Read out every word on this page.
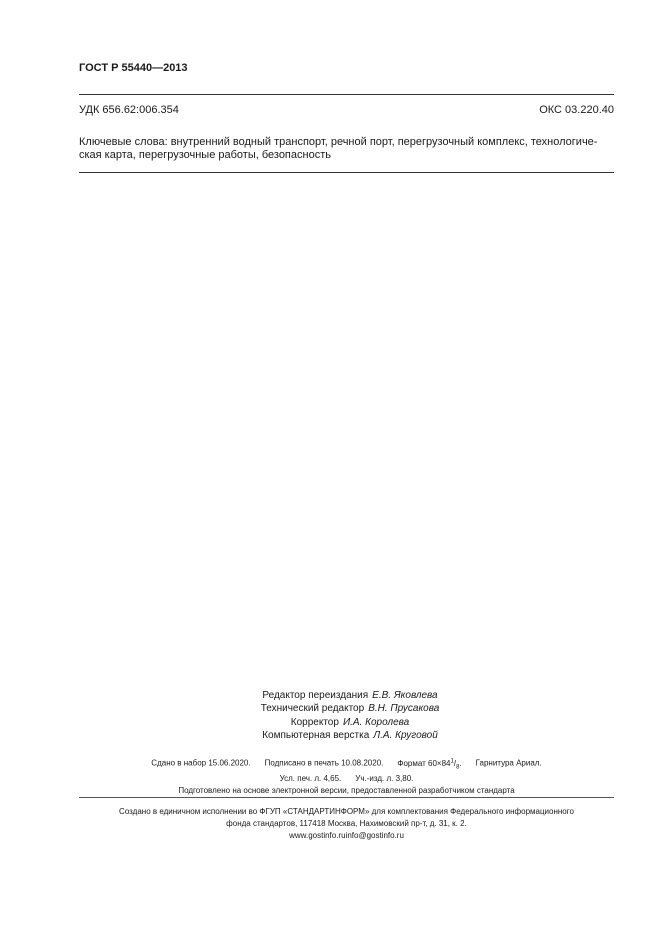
ГОСТ Р 55440—2013
УДК 656.62:006.354	ОКС 03.220.40
Ключевые слова: внутренний водный транспорт, речной порт, перегрузочный комплекс, технологиче-
ская карта, перегрузочные работы, безопасность
Редактор переиздания Е.В. Яковлева
Технический редактор В.Н. Прусакова
Корректор И.А. Королева
Компьютерная верстка Л.А. Круговой
Сдано в набор 15.06.2020. Подписано в печать 10.08.2020. Формат $60\times 84^1/_8$. Гарнитура Ариал.
Усл. печ. л. 4,65. Уч.-изд. л. 3,80.
Подготовлено на основе электронной версии, предоставленной разработчиком стандарта
Создано в единичном исполнении во ФГУП «СТАНДАРТИНФОРМ» для комплектования Федерального информационного
фонда стандартов, 117418 Москва, Нахимовский пр-т, д. 31, к. 2.
www.gostinfo.ruinfo@gostinfo.ru
